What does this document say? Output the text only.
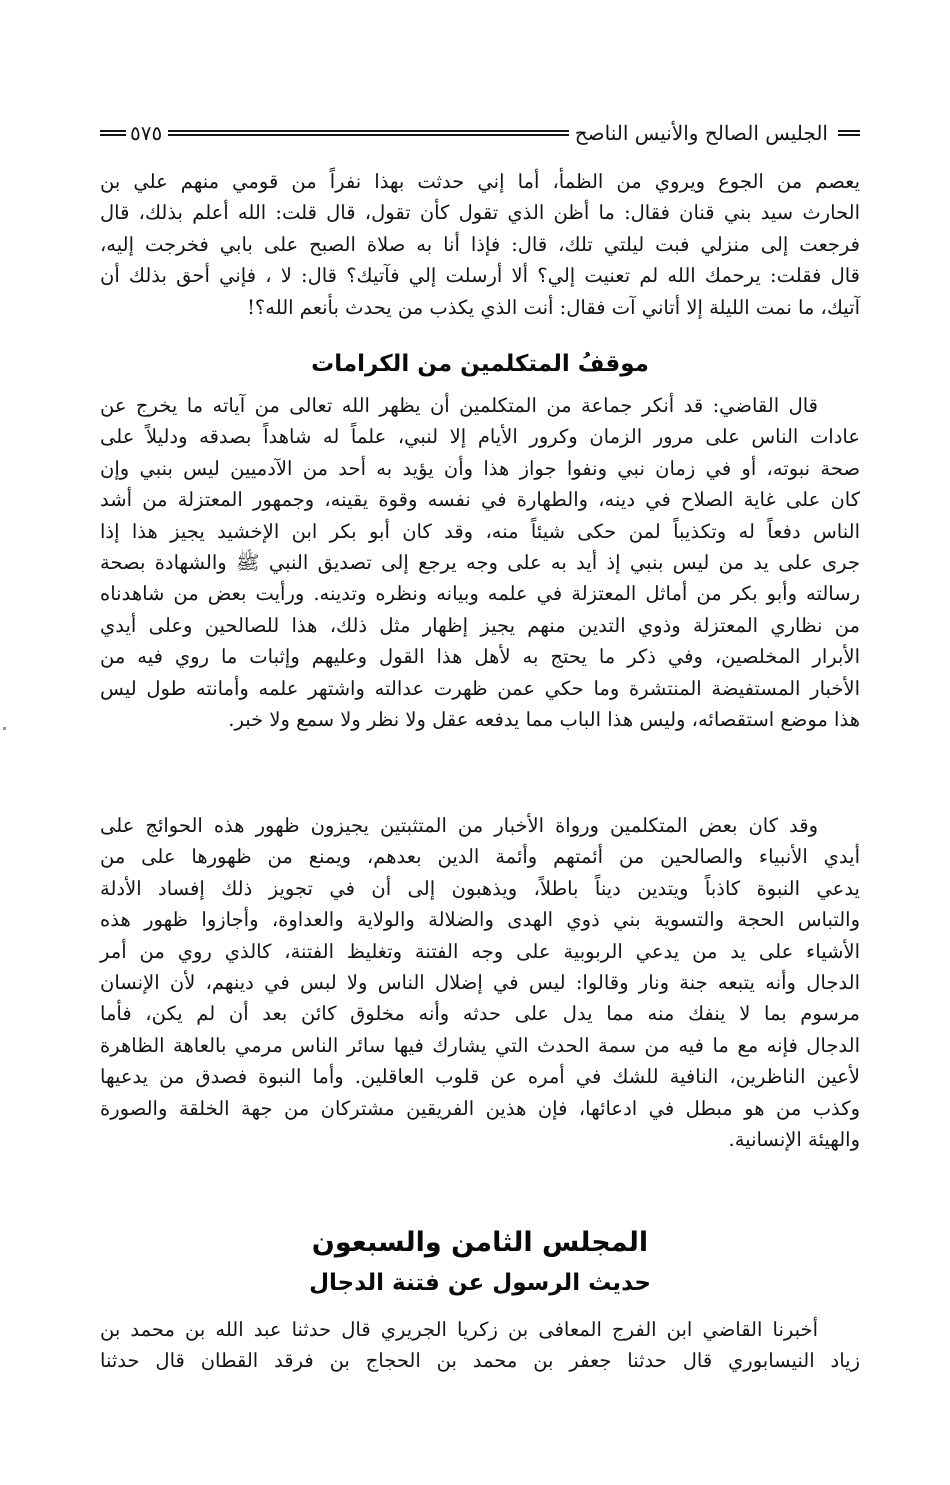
الجليس الصالح والأنيس الناصح
٥٧٥

يعصم من الجوع ويروي من الظمأ، أما إني حدثت بهذا نفراً من قومي منهم علي بن

الحارث سيد بني قنان فقال: ما أظن الذي تقول كأن تقول، قال قلت: الله أعلم بذلك، قال

فرجعت إلى منزلي فبت ليلتي تلك، قال: فإذا أنا به صلاة الصبح على بابي فخرجت إليه،

قال فقلت: يرحمك الله لم تعنيت إلي؟ ألا أرسلت إلي فآتيك؟ قال: لا ، فإني أحق بذلك أن

آتيك، ما نمت الليلة إلا أتاني آت فقال: أنت الذي يكذب من يحدث بأنعم الله؟!

موقفُ المتكلمين من الكرامات

قال القاضي: قد أنكر جماعة من المتكلمين أن يظهر الله تعالى من آياته ما يخرج عن

عادات الناس على مرور الزمان وكرور الأيام إلا لنبي، علماً له شاهداً بصدقه ودليلاً على

صحة نبوته، أو في زمان نبي ونفوا جواز هذا وأن يؤيد به أحد من الآدميين ليس بنبي وإن

كان على غاية الصلاح في دينه، والطهارة في نفسه وقوة يقينه، وجمهور المعتزلة من أشد

الناس دفعاً له وتكذيباً لمن حكى شيئاً منه، وقد كان أبو بكر ابن الإخشيد يجيز هذا إذا

جرى على يد من ليس بنبي إذ أيد به على وجه يرجع إلى تصديق النبي ﷺ والشهادة بصحة

رسالته وأبو بكر من أماثل المعتزلة في علمه وبيانه ونظره وتدينه. ورأيت بعض من شاهدناه

من نظاري المعتزلة وذوي التدين منهم يجيز إظهار مثل ذلك، هذا للصالحين وعلى أيدي

الأبرار المخلصين، وفي ذكر ما يحتج به لأهل هذا القول وعليهم وإثبات ما روي فيه من

الأخبار المستفيضة المنتشرة وما حكي عمن ظهرت عدالته واشتهر علمه وأمانته طول ليس

هذا موضع استقصائه، وليس هذا الباب مما يدفعه عقل ولا نظر ولا سمع ولا خبر.

وقد كان بعض المتكلمين ورواة الأخبار من المتثبتين يجيزون ظهور هذه الحوائج على

أيدي الأنبياء والصالحين من أئمتهم وأئمة الدين بعدهم، ويمنع من ظهورها على من

يدعي النبوة كاذباً ويتدين ديناً باطلاً، ويذهبون إلى أن في تجويز ذلك إفساد الأدلة

والتباس الحجة والتسوية بني ذوي الهدى والضلالة والولاية والعداوة، وأجازوا ظهور هذه

الأشياء على يد من يدعي الربوبية على وجه الفتنة وتغليظ الفتنة، كالذي روي من أمر

الدجال وأنه يتبعه جنة ونار وقالوا: ليس في إضلال الناس ولا لبس في دينهم، لأن الإنسان

مرسوم بما لا ينفك منه مما يدل على حدثه وأنه مخلوق كائن بعد أن لم يكن، فأما

الدجال فإنه مع ما فيه من سمة الحدث التي يشارك فيها سائر الناس مرمي بالعاهة الظاهرة

لأعين الناظرين، النافية للشك في أمره عن قلوب العاقلين. وأما النبوة فصدق من يدعيها

وكذب من هو مبطل في ادعائها، فإن هذين الفريقين مشتركان من جهة الخلقة والصورة

والهيئة الإنسانية.

المجلس الثامن والسبعون
حديث الرسول عن فتنة الدجال

أخبرنا القاضي ابن الفرج المعافى بن زكريا الجريري قال حدثنا عبد الله بن محمد بن

زياد النيسابوري قال حدثنا جعفر بن محمد بن الحجاج بن فرقد القطان قال حدثنا
